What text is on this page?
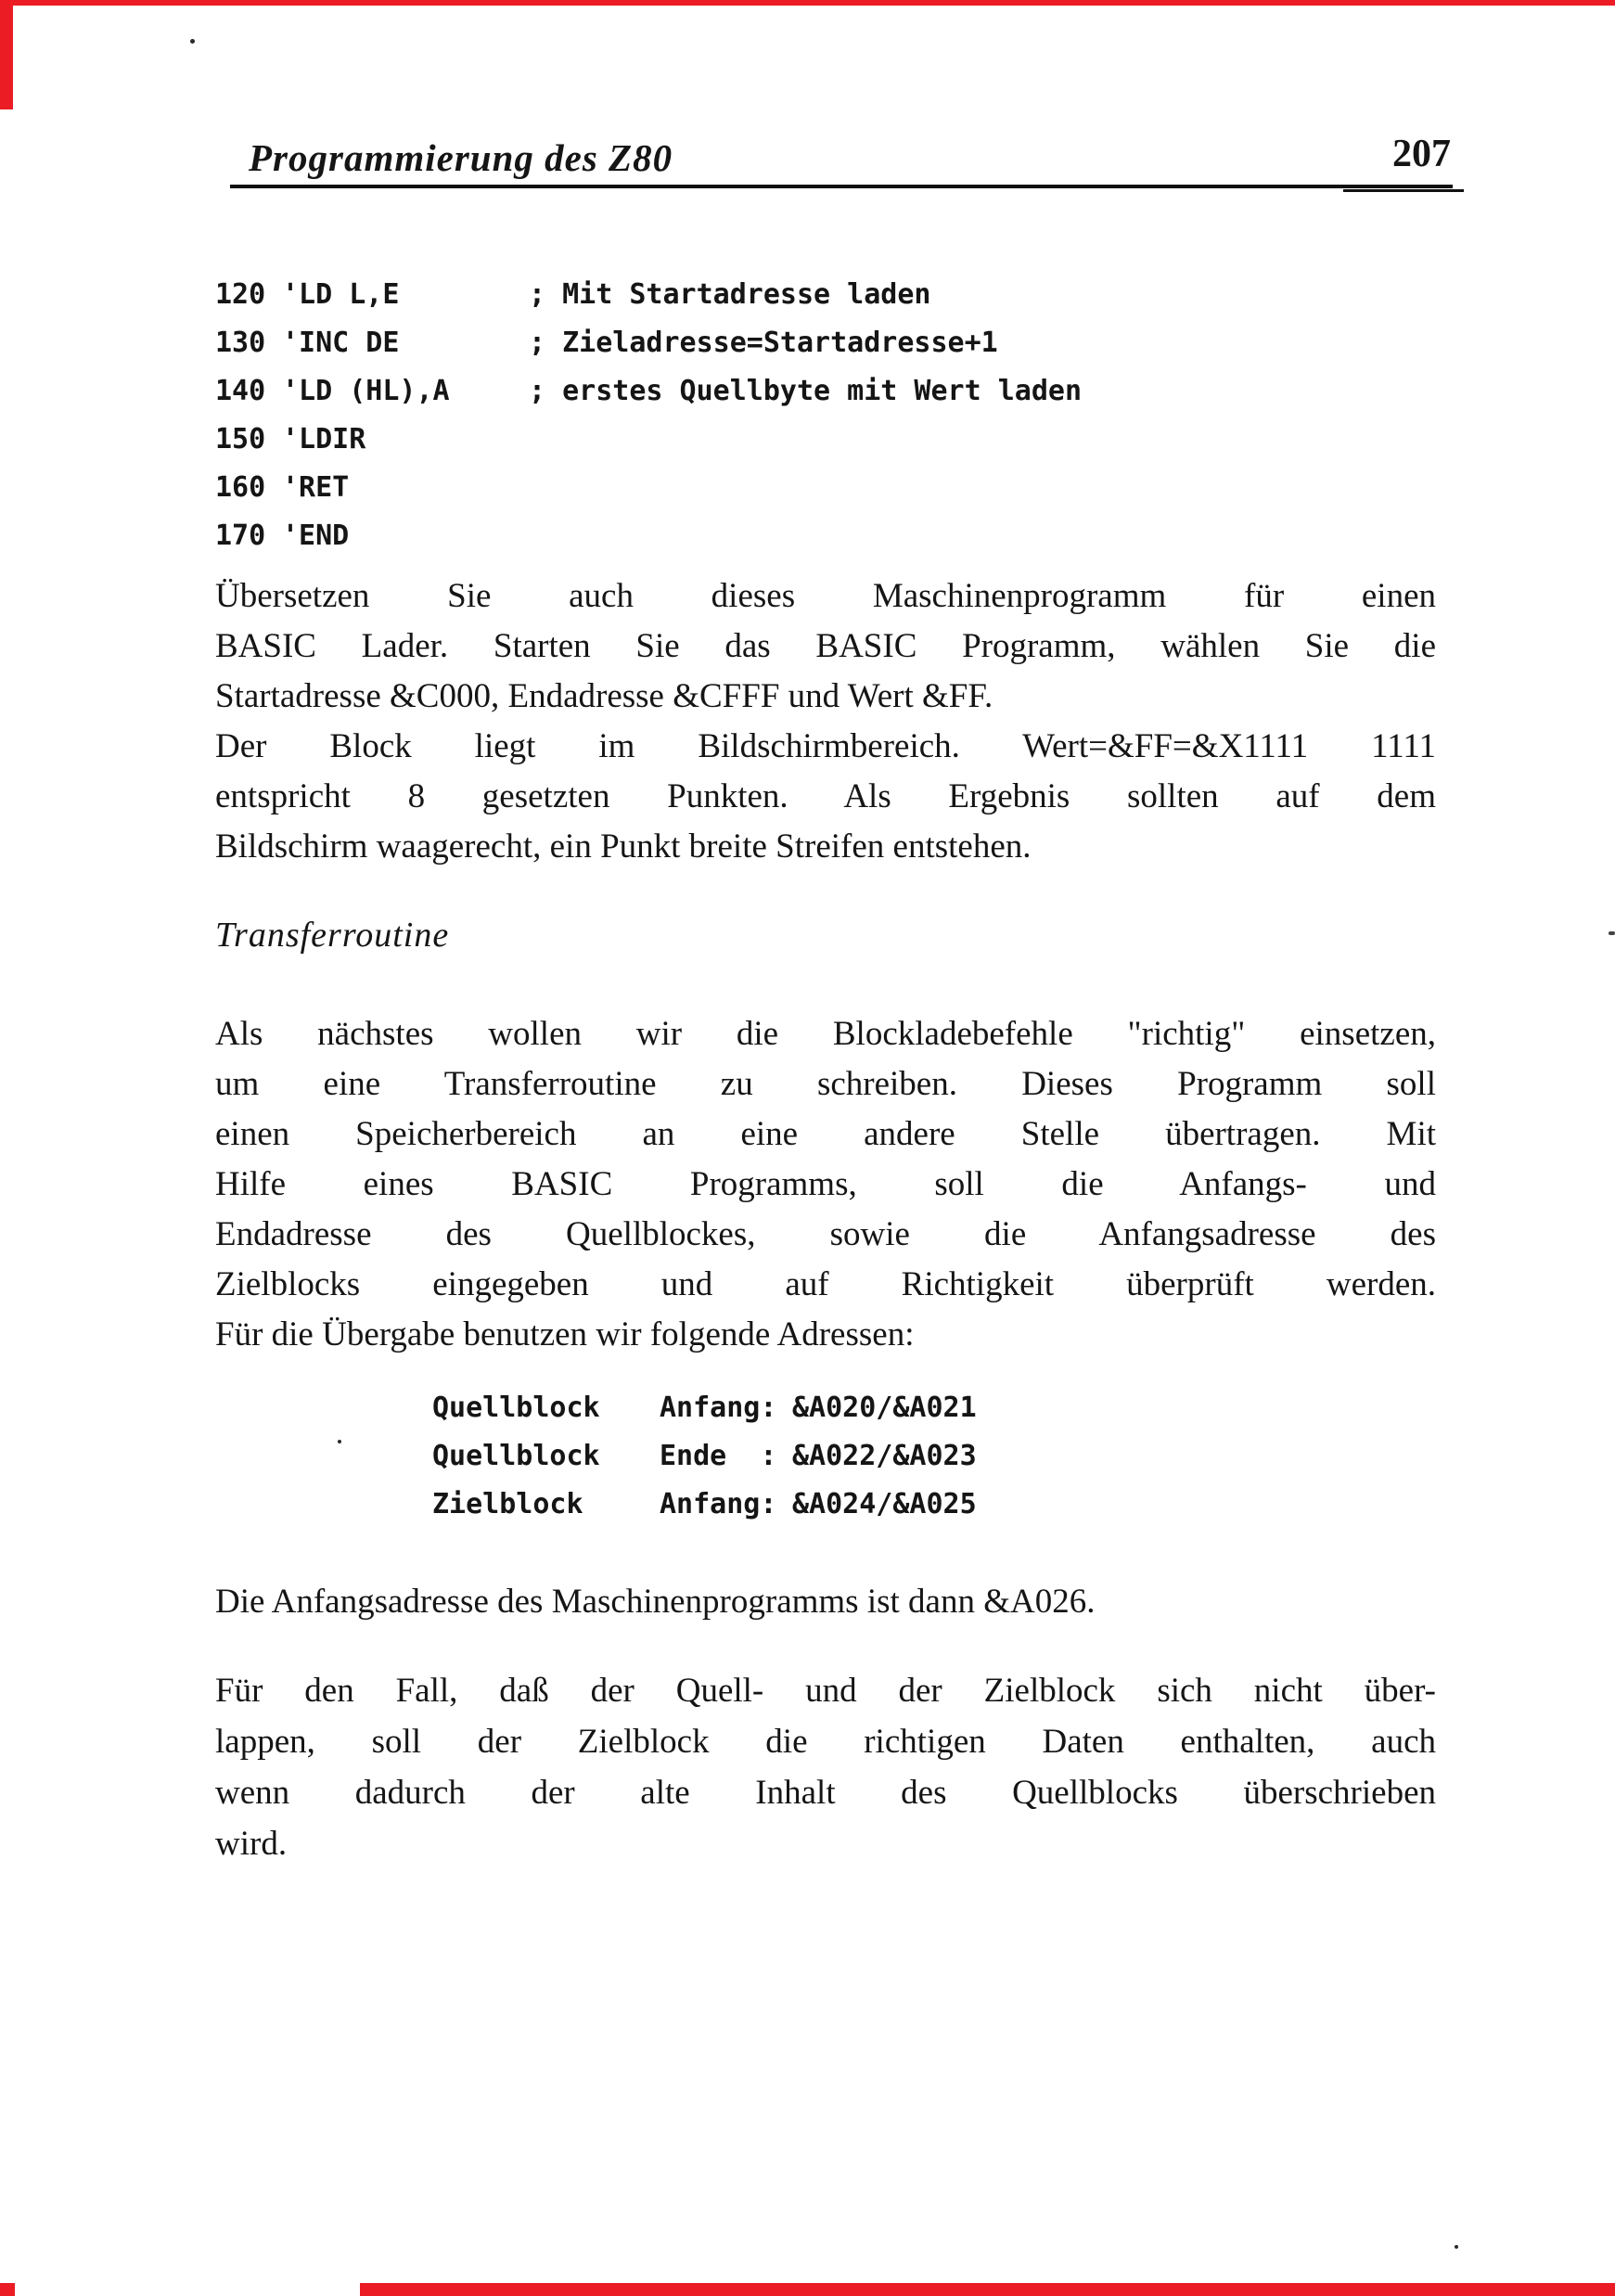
Programmierung des Z80	207
120 'LD L,E	; Mit Startadresse laden
130 'INC DE	; Zieladresse=Startadresse+1
140 'LD (HL),A	; erstes Quellbyte mit Wert laden
150 'LDIR
160 'RET
170 'END
Übersetzen Sie auch dieses Maschinenprogramm für einen
BASIC Lader. Starten Sie das BASIC Programm, wählen Sie die
Startadresse &C000, Endadresse &CFFF und Wert &FF.
Der Block liegt im Bildschirmbereich. Wert=&FF=&X1111 1111
entspricht 8 gesetzten Punkten. Als Ergebnis sollten auf dem
Bildschirm waagerecht, ein Punkt breite Streifen entstehen.
Transferroutine
Als nächstes wollen wir die Blockladebefehle "richtig" einsetzen,
um eine Transferroutine zu schreiben. Dieses Programm soll
einen Speicherbereich an eine andere Stelle übertragen. Mit
Hilfe eines BASIC Programms, soll die Anfangs- und
Endadresse des Quellblockes, sowie die Anfangsadresse des
Zielblocks eingegeben und auf Richtigkeit überprüft werden.
Für die Übergabe benutzen wir folgende Adressen:
Quellblock	Anfang: &A020/&A021
Quellblock	Ende  : &A022/&A023
Zielblock	Anfang: &A024/&A025
Die Anfangsadresse des Maschinenprogramms ist dann &A026.
Für den Fall, daß der Quell- und der Zielblock sich nicht über-
lappen, soll der Zielblock die richtigen Daten enthalten, auch
wenn dadurch der alte Inhalt des Quellblocks überschrieben
wird.
